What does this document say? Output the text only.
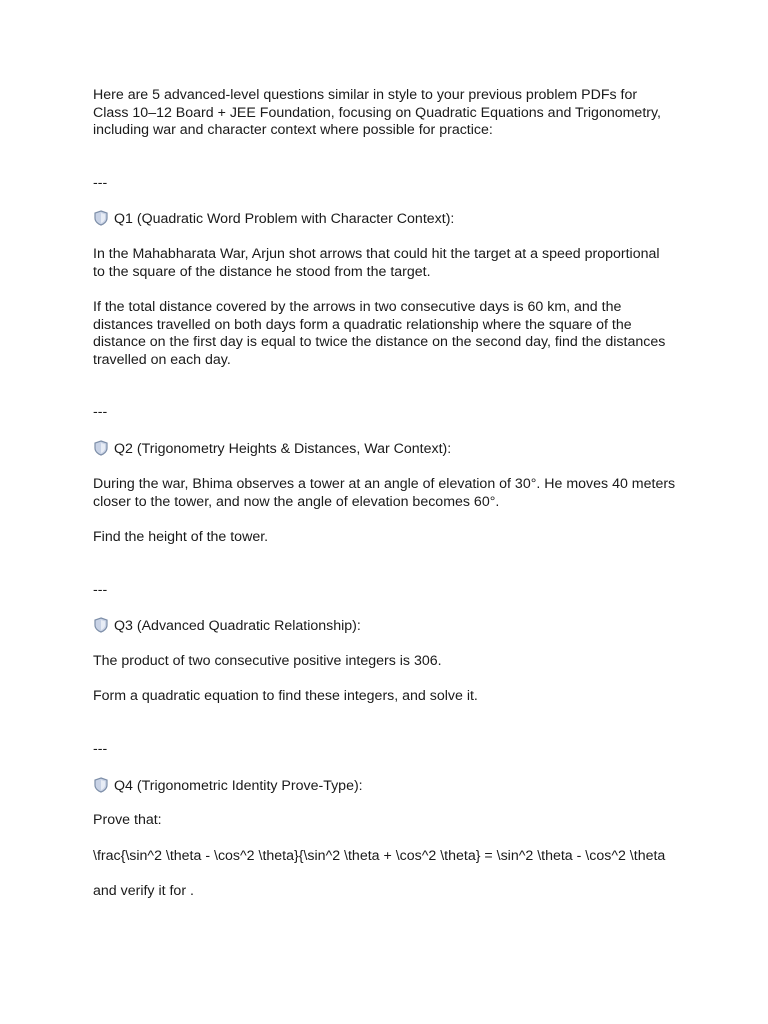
Here are 5 advanced-level questions similar in style to your previous problem PDFs for
Class 10–12 Board + JEE Foundation, focusing on Quadratic Equations and Trigonometry,
including war and character context where possible for practice:
---
Q1 (Quadratic Word Problem with Character Context):
In the Mahabharata War, Arjun shot arrows that could hit the target at a speed proportional
to the square of the distance he stood from the target.
If the total distance covered by the arrows in two consecutive days is 60 km, and the
distances travelled on both days form a quadratic relationship where the square of the
distance on the first day is equal to twice the distance on the second day, find the distances
travelled on each day.
---
Q2 (Trigonometry Heights & Distances, War Context):
During the war, Bhima observes a tower at an angle of elevation of 30°. He moves 40 meters
closer to the tower, and now the angle of elevation becomes 60°.
Find the height of the tower.
---
Q3 (Advanced Quadratic Relationship):
The product of two consecutive positive integers is 306.
Form a quadratic equation to find these integers, and solve it.
---
Q4 (Trigonometric Identity Prove-Type):
Prove that:
\frac{\sin^2 \theta - \cos^2 \theta}{\sin^2 \theta + \cos^2 \theta} = \sin^2 \theta - \cos^2 \theta
and verify it for .
